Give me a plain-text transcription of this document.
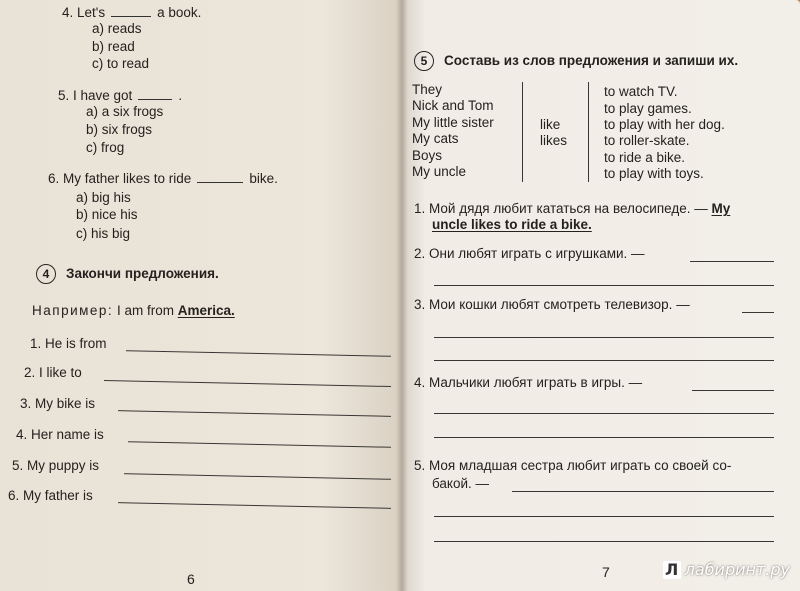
4. Let's	a book.
a) reads
b) read
c) to read
5. I have got	.
a) a six frogs
b) six frogs
c) frog
6. My father likes to ride	bike.
a) big his
b) nice his
c) his big
4	Закончи предложения.
Например: I am from America.
1. He is from
2. I like to
3. My bike is
4. Her name is
5. My puppy is
6. My father is
6
5	Составь из слов предложения и запиши их.
They
Nick and Tom
My little sister
My cats
Boys
My uncle
like
likes
to watch TV.
to play games.
to play with her dog.
to roller-skate.
to ride a bike.
to play with toys.
1. Мой дядя любит кататься на велосипеде. — My
uncle likes to ride a bike.
2. Они любят играть с игрушками. —
3. Мои кошки любят смотреть телевизор. —
4. Мальчики любят играть в игры. —
5. Моя младшая сестра любит играть со своей со-
бакой. —
7	Л лабиринт.ру
